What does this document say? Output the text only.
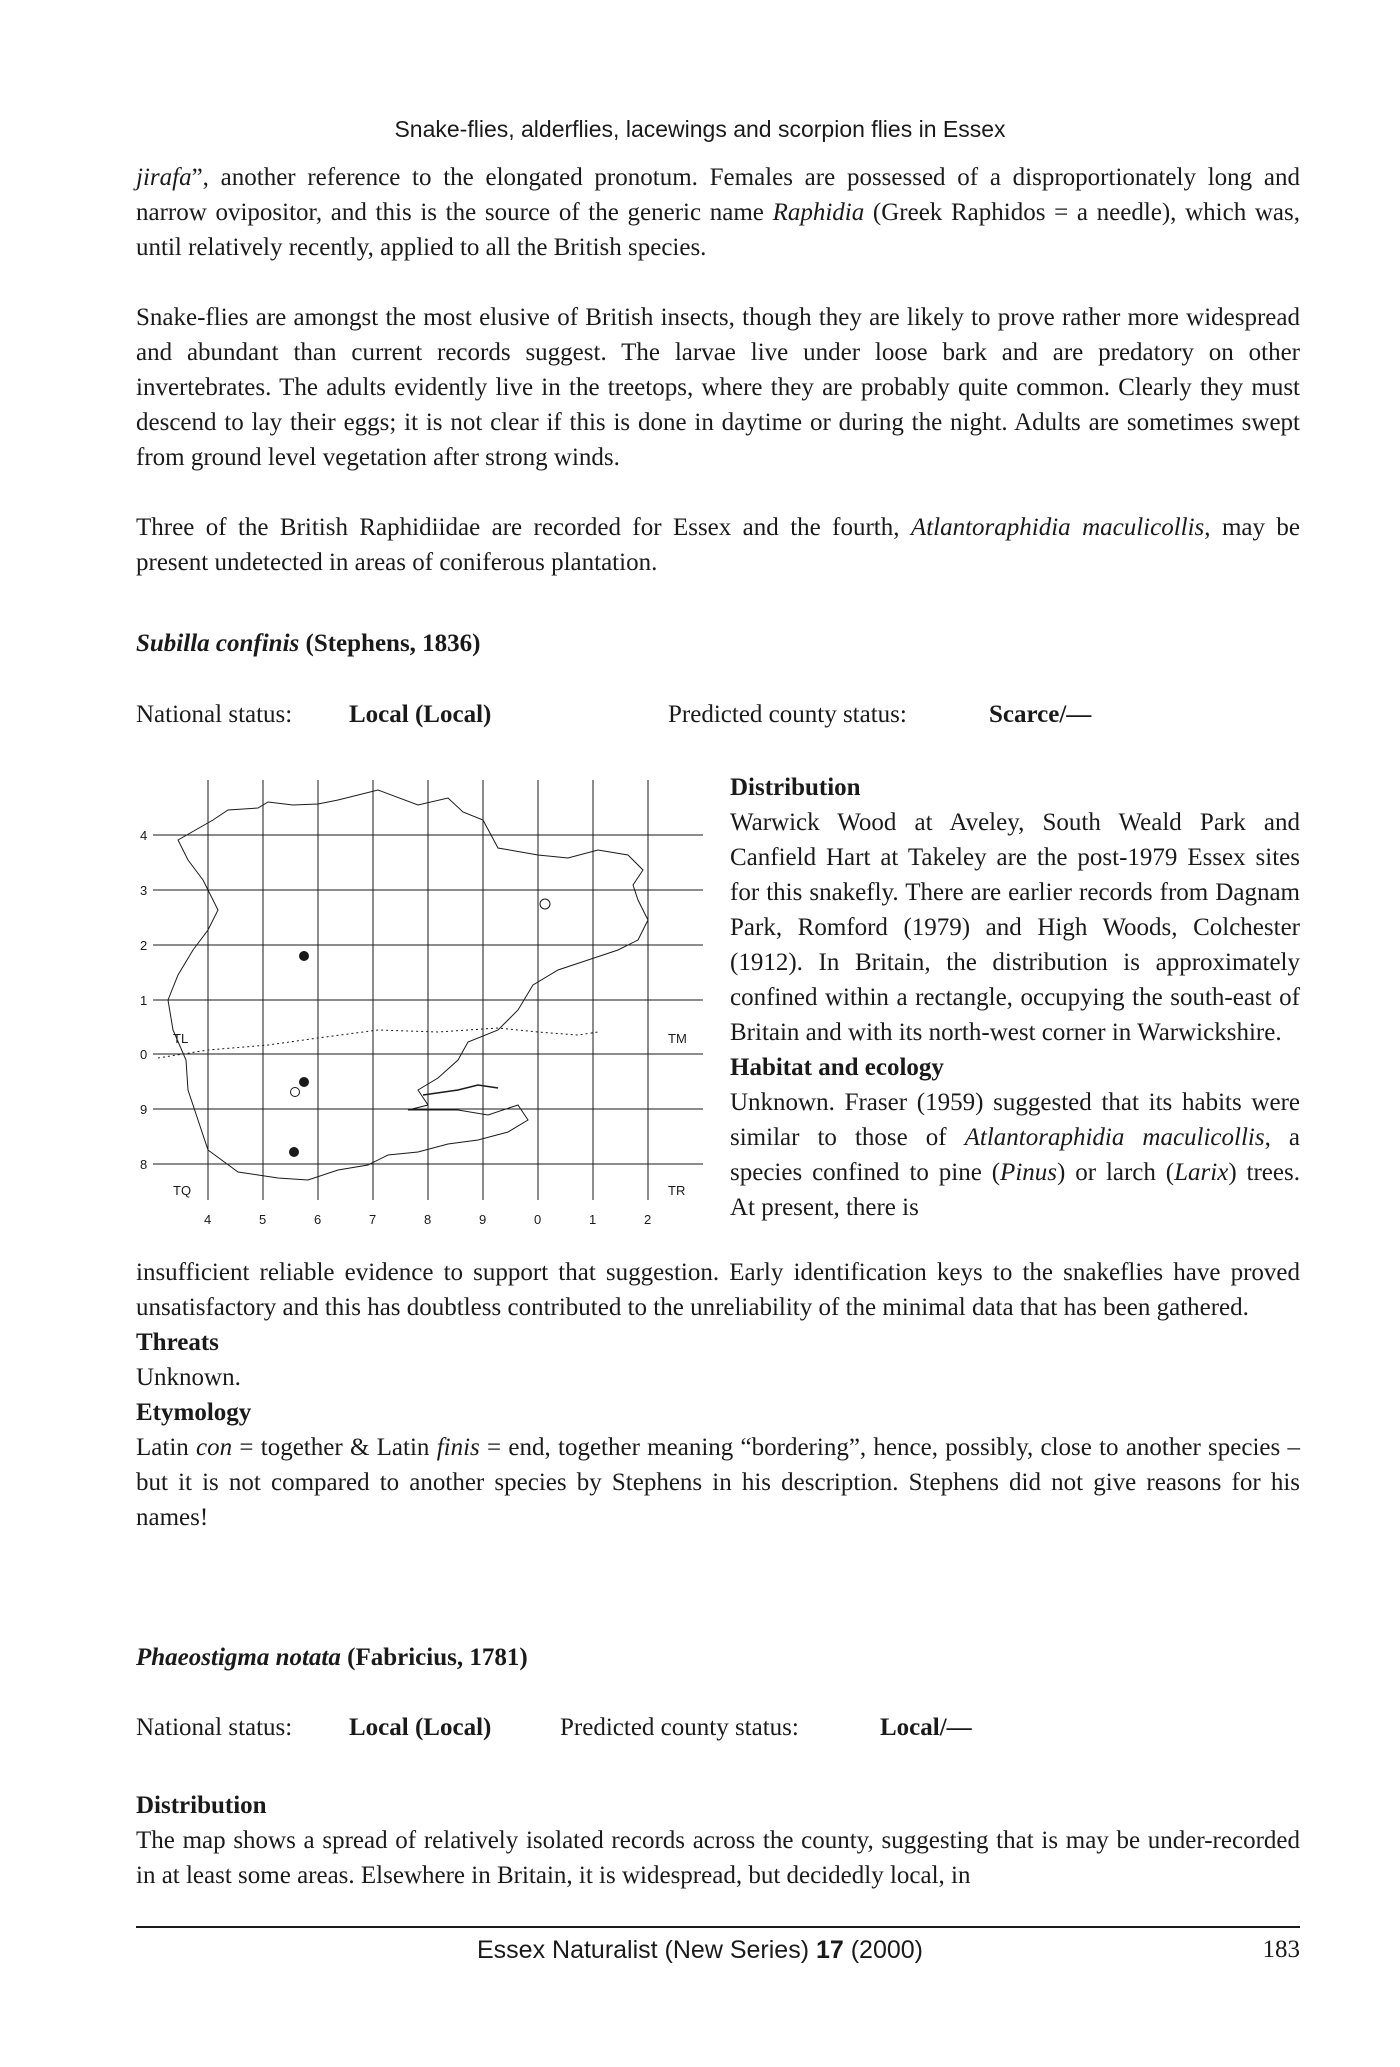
Snake-flies, alderflies, lacewings and scorpion flies in Essex

jirafa”, another reference to the elongated pronotum. Females are possessed of a disproportionately long and narrow ovipositor, and this is the source of the generic name Raphidia (Greek Raphidos = a needle), which was, until relatively recently, applied to all the British species.

Snake-flies are amongst the most elusive of British insects, though they are likely to prove rather more widespread and abundant than current records suggest. The larvae live under loose bark and are predatory on other invertebrates. The adults evidently live in the treetops, where they are probably quite common. Clearly they must descend to lay their eggs; it is not clear if this is done in daytime or during the night. Adults are sometimes swept from ground level vegetation after strong winds.

Three of the British Raphidiidae are recorded for Essex and the fourth, Atlantoraphidia maculicollis, may be present undetected in areas of coniferous plantation.

Subilla confinis (Stephens, 1836)
National status: Local (Local)	Predicted county status:	Scarce/—
4
3
2
1
0
9
8
4	5	6	7	8	9	0	1	2
TL	TM
TQ	TR

Distribution

Warwick Wood at Aveley, South Weald Park and Canfield Hart at Takeley are the post-1979 Essex sites for this snakefly. There are earlier records from Dagnam Park, Romford (1979) and High Woods, Colchester (1912). In Britain, the distribution is approximately confined within a rectangle, occupying the south-east of Britain and with its north-west corner in Warwickshire.

Habitat and ecology

Unknown. Fraser (1959) suggested that its habits were similar to those of Atlantoraphidia maculicollis, a species confined to pine (Pinus) or larch (Larix) trees. At present, there is

insufficient reliable evidence to support that suggestion. Early identification keys to the snakeflies have proved unsatisfactory and this has doubtless contributed to the unreliability of the minimal data that has been gathered.

Threats

Unknown.

Etymology

Latin con = together & Latin finis = end, together meaning “bordering”, hence, possibly, close to another species – but it is not compared to another species by Stephens in his description. Stephens did not give reasons for his names!

Phaeostigma notata (Fabricius, 1781)
National status: Local (Local)	Predicted county status:	Local/—

Distribution

The map shows a spread of relatively isolated records across the county, suggesting that is may be under-recorded in at least some areas. Elsewhere in Britain, it is widespread, but decidedly local, in

Essex Naturalist (New Series) 17 (2000)	183
